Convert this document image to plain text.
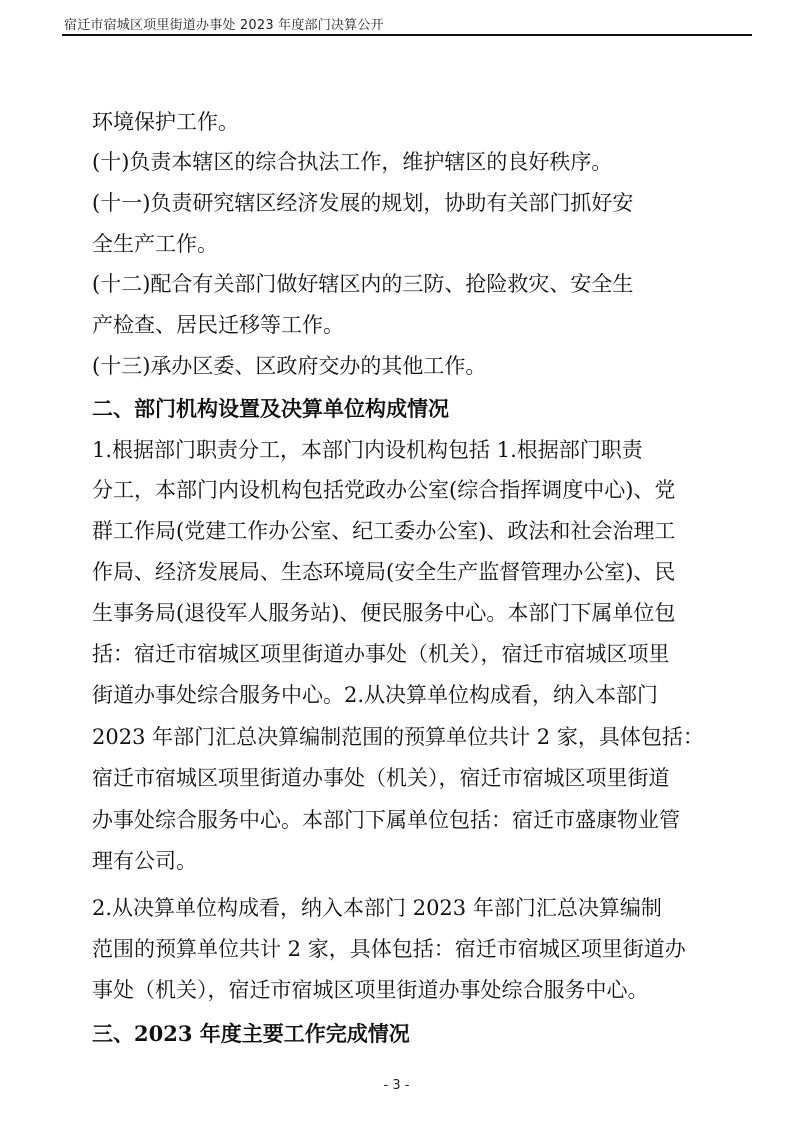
宿迁市宿城区项里街道办事处 2023 年度部门决算公开
环境保护工作。
(十)负责本辖区的综合执法工作，维护辖区的良好秩序。
(十一)负责研究辖区经济发展的规划，协助有关部门抓好安
全生产工作。
(十二)配合有关部门做好辖区内的三防、抢险救灾、安全生
产检查、居民迁移等工作。
(十三)承办区委、区政府交办的其他工作。
二、部门机构设置及决算单位构成情况
1.根据部门职责分工，本部门内设机构包括 1.根据部门职责
分工，本部门内设机构包括党政办公室(综合指挥调度中心)、党
群工作局(党建工作办公室、纪工委办公室)、政法和社会治理工
作局、经济发展局、生态环境局(安全生产监督管理办公室)、民
生事务局(退役军人服务站)、便民服务中心。本部门下属单位包
括：宿迁市宿城区项里街道办事处（机关），宿迁市宿城区项里
街道办事处综合服务中心。2.从决算单位构成看，纳入本部门
2023 年部门汇总决算编制范围的预算单位共计 2 家，具体包括：
宿迁市宿城区项里街道办事处（机关），宿迁市宿城区项里街道
办事处综合服务中心。本部门下属单位包括：宿迁市盛康物业管
理有公司。
2.从决算单位构成看，纳入本部门 2023 年部门汇总决算编制
范围的预算单位共计 2 家，具体包括：宿迁市宿城区项里街道办
事处（机关），宿迁市宿城区项里街道办事处综合服务中心。
三、2023 年度主要工作完成情况
- 3 -
